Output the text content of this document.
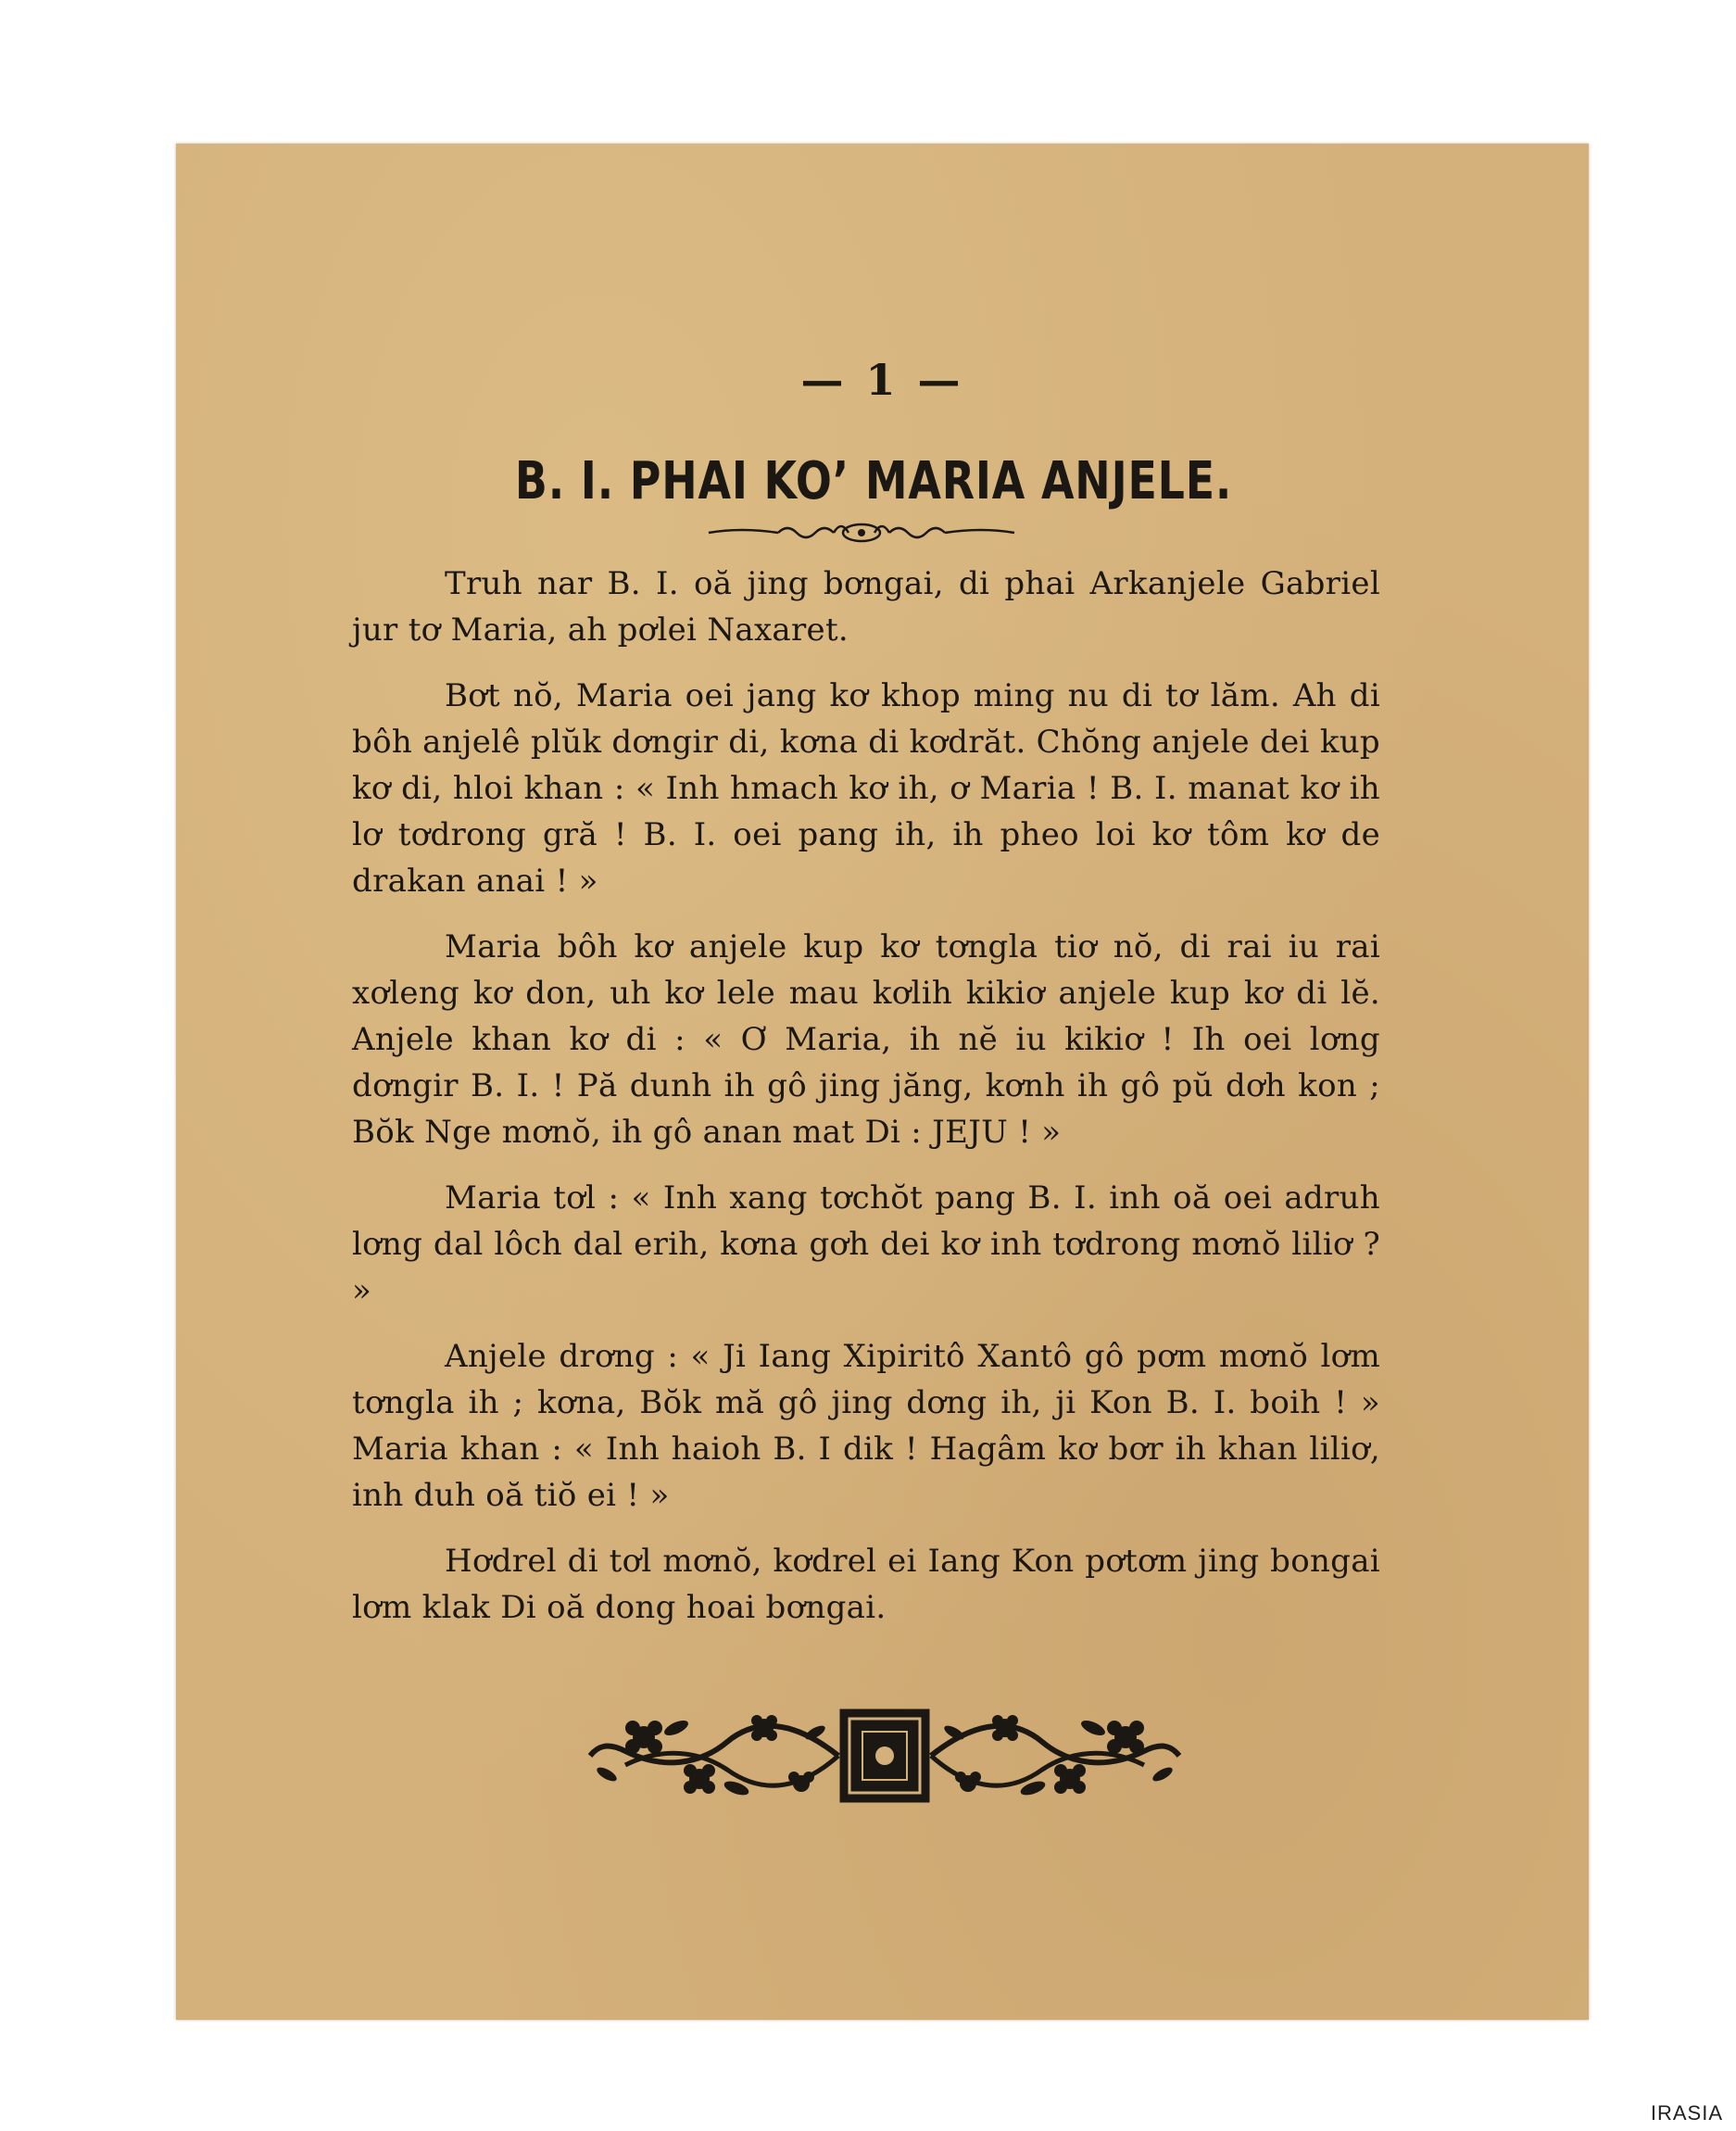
— 1 —
B. I. PHAI KO’ MARIA ANJELE.

Truh nar B. I. oă jing bơngai, di phai Arkanjele Gabriel jur tơ Maria, ah pơlei Naxaret.

Bơt nŏ, Maria oei jang kơ khop ming nu di tơ lăm. Ah di bôh anjelê plŭk dơngir di, kơna di kơdrăt. Chŏng anjele dei kup kơ di, hloi khan : « Inh hmach kơ ih, ơ Maria ! B. I. manat kơ ih lơ tơdrong gră ! B. I. oei pang ih, ih pheo loi kơ tôm kơ de drakan anai ! »

Maria bôh kơ anjele kup kơ tơngla tiơ nŏ, di rai iu rai xơleng kơ don, uh kơ lele mau kơlih kikiơ anjele kup kơ di lĕ. Anjele khan kơ di : « Ơ Maria, ih nĕ iu kikiơ ! Ih oei lơng dơngir B. I. ! Pă dunh ih gô jing jăng, kơnh ih gô pŭ dơh kon ; Bŏk Nge mơnŏ, ih gô anan mat Di : JEJU ! »

Maria tơl : « Inh xang tơchŏt pang B. I. inh oă oei adruh lơng dal lôch dal erih, kơna gơh dei kơ inh tơdrong mơnŏ liliơ ? »

Anjele drơng : « Ji Iang Xipiritô Xantô gô pơm mơnŏ lơm tơngla ih ; kơna, Bŏk mă gô jing dơng ih, ji Kon B. I. boih ! » Maria khan : « Inh haioh B. I dik ! Hagâm kơ bơr ih khan liliơ, inh duh oă tiŏ ei ! »

Hơdrel di tơl mơnŏ, kơdrel ei Iang Kon pơtơm jing bongai lơm klak Di oă dong hoai bơngai.

IRASIA
